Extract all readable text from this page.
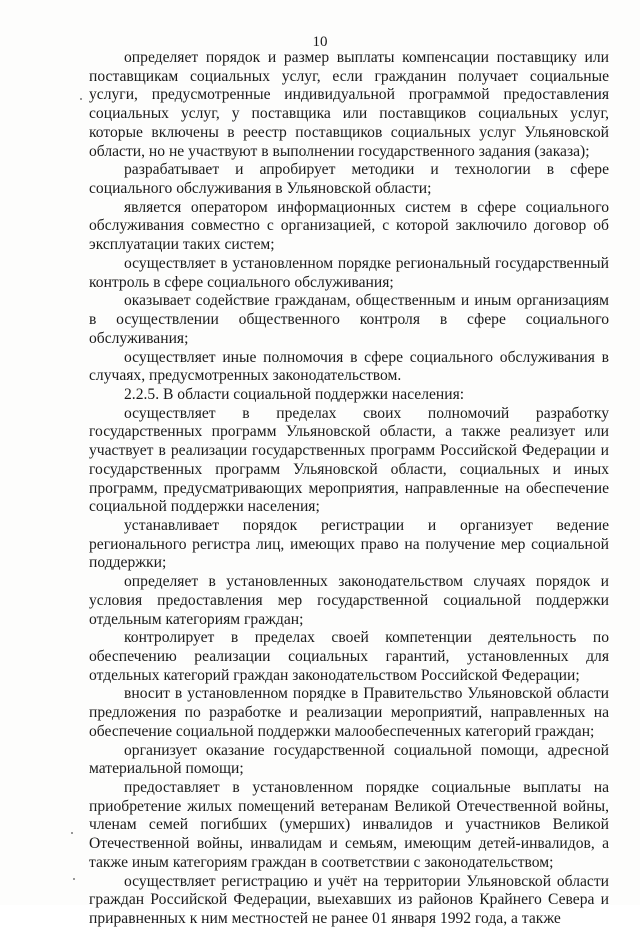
10

определяет порядок и размер выплаты компенсации поставщику или поставщикам социальных услуг, если гражданин получает социальные услуги, предусмотренные индивидуальной программой предоставления социальных услуг, у поставщика или поставщиков социальных услуг, которые включены в реестр поставщиков социальных услуг Ульяновской области, но не участвуют в выполнении государственного задания (заказа);

разрабатывает и апробирует методики и технологии в сфере социального обслуживания в Ульяновской области;

является оператором информационных систем в сфере социального обслуживания совместно с организацией, с которой заключило договор об эксплуатации таких систем;

осуществляет в установленном порядке региональный государственный контроль в сфере социального обслуживания;

оказывает содействие гражданам, общественным и иным организациям в осуществлении общественного контроля в сфере социального обслуживания;

осуществляет иные полномочия в сфере социального обслуживания в случаях, предусмотренных законодательством.

2.2.5. В области социальной поддержки населения:

осуществляет в пределах своих полномочий разработку государственных программ Ульяновской области, а также реализует или участвует в реализации государственных программ Российской Федерации и государственных программ Ульяновской области, социальных и иных программ, предусматривающих мероприятия, направленные на обеспечение социальной поддержки населения;

устанавливает порядок регистрации и организует ведение регионального регистра лиц, имеющих право на получение мер социальной поддержки;

определяет в установленных законодательством случаях порядок и условия предоставления мер государственной социальной поддержки отдельным категориям граждан;

контролирует в пределах своей компетенции деятельность по обеспечению реализации социальных гарантий, установленных для отдельных категорий граждан законодательством Российской Федерации;

вносит в установленном порядке в Правительство Ульяновской области предложения по разработке и реализации мероприятий, направленных на обеспечение социальной поддержки малообеспеченных категорий граждан;

организует оказание государственной социальной помощи, адресной материальной помощи;

предоставляет в установленном порядке социальные выплаты на приобретение жилых помещений ветеранам Великой Отечественной войны, членам семей погибших (умерших) инвалидов и участников Великой Отечественной войны, инвалидам и семьям, имеющим детей-инвалидов, а также иным категориям граждан в соответствии с законодательством;

осуществляет регистрацию и учёт на территории Ульяновской области граждан Российской Федерации, выехавших из районов Крайнего Севера и приравненных к ним местностей не ранее 01 января 1992 года, а также
